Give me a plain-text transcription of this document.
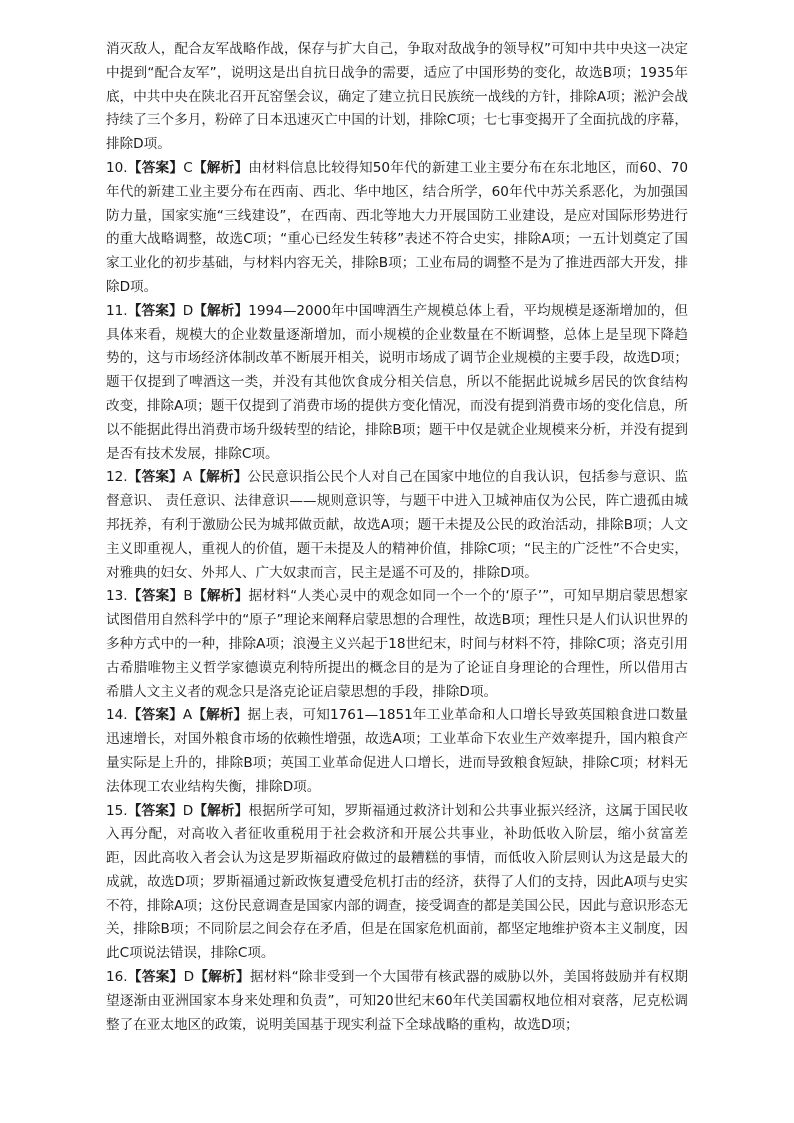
消灭敌人，配合友军战略作战，保存与扩大自己，争取对敌战争的领导权”可知中共中央这一决定中提到“配合友军”，说明这是出自抗日战争的需要，适应了中国形势的变化，故选B项；1935年底，中共中央在陕北召开瓦窑堡会议，确定了建立抗日民族统一战线的方针，排除A项；淞沪会战持续了三个多月，粉碎了日本迅速灭亡中国的计划，排除C项；七七事变揭开了全面抗战的序幕，排除D项。

10.【答案】C【解析】由材料信息比较得知50年代的新建工业主要分布在东北地区，而60、70年代的新建工业主要分布在西南、西北、华中地区，结合所学，60年代中苏关系恶化，为加强国防力量，国家实施“三线建设”，在西南、西北等地大力开展国防工业建设，是应对国际形势进行的重大战略调整，故选C项；“重心已经发生转移”表述不符合史实，排除A项；一五计划奠定了国家工业化的初步基础，与材料内容无关，排除B项；工业布局的调整不是为了推进西部大开发，排除D项。

11.【答案】D【解析】1994—2000年中国啤酒生产规模总体上看，平均规模是逐渐增加的，但具体来看，规模大的企业数量逐渐增加，而小规模的企业数量在不断调整，总体上是呈现下降趋势的，这与市场经济体制改革不断展开相关，说明市场成了调节企业规模的主要手段，故选D项；题干仅提到了啤酒这一类，并没有其他饮食成分相关信息，所以不能据此说城乡居民的饮食结构改变，排除A项；题干仅提到了消费市场的提供方变化情况，而没有提到消费市场的变化信息，所以不能据此得出消费市场升级转型的结论，排除B项；题干中仅是就企业规模来分析，并没有提到是否有技术发展，排除C项。

12.【答案】A【解析】公民意识指公民个人对自己在国家中地位的自我认识，包括参与意识、监督意识、 责任意识、法律意识——规则意识等，与题干中进入卫城神庙仅为公民，阵亡遗孤由城邦抚养，有利于激励公民为城邦做贡献，故选A项；题干未提及公民的政治活动，排除B项；人文主义即重视人，重视人的价值，题干未提及人的精神价值，排除C项；“民主的广泛性”不合史实，对雅典的妇女、外邦人、广大奴隶而言，民主是遥不可及的，排除D项。

13.【答案】B【解析】据材料“人类心灵中的观念如同一个一个的‘原子’”，可知早期启蒙思想家试图借用自然科学中的“原子”理论来阐释启蒙思想的合理性，故选B项；理性只是人们认识世界的多种方式中的一种，排除A项；浪漫主义兴起于18世纪末，时间与材料不符，排除C项；洛克引用古希腊唯物主义哲学家德谟克利特所提出的概念目的是为了论证自身理论的合理性，所以借用古希腊人文主义者的观念只是洛克论证启蒙思想的手段，排除D项。

14.【答案】A【解析】据上表，可知1761—1851年工业革命和人口增长导致英国粮食进口数量迅速增长，对国外粮食市场的依赖性增强，故选A项；工业革命下农业生产效率提升，国内粮食产量实际是上升的，排除B项；英国工业革命促进人口增长，进而导致粮食短缺，排除C项；材料无法体现工农业结构失衡，排除D项。

15.【答案】D【解析】根据所学可知，罗斯福通过救济计划和公共事业振兴经济，这属于国民收入再分配，对高收入者征收重税用于社会救济和开展公共事业，补助低收入阶层，缩小贫富差距，因此高收入者会认为这是罗斯福政府做过的最糟糕的事情，而低收入阶层则认为这是最大的成就，故选D项；罗斯福通过新政恢复遭受危机打击的经济，获得了人们的支持，因此A项与史实不符，排除A项；这份民意调查是国家内部的调查，接受调查的都是美国公民，因此与意识形态无关，排除B项；不同阶层之间会存在矛盾，但是在国家危机面前，都坚定地维护资本主义制度，因此C项说法错误，排除C项。

16.【答案】D【解析】据材料“除非受到一个大国带有核武器的威胁以外，美国将鼓励并有权期望逐渐由亚洲国家本身来处理和负责”，可知20世纪末60年代美国霸权地位相对衰落，尼克松调整了在亚太地区的政策，说明美国基于现实利益下全球战略的重构，故选D项；
